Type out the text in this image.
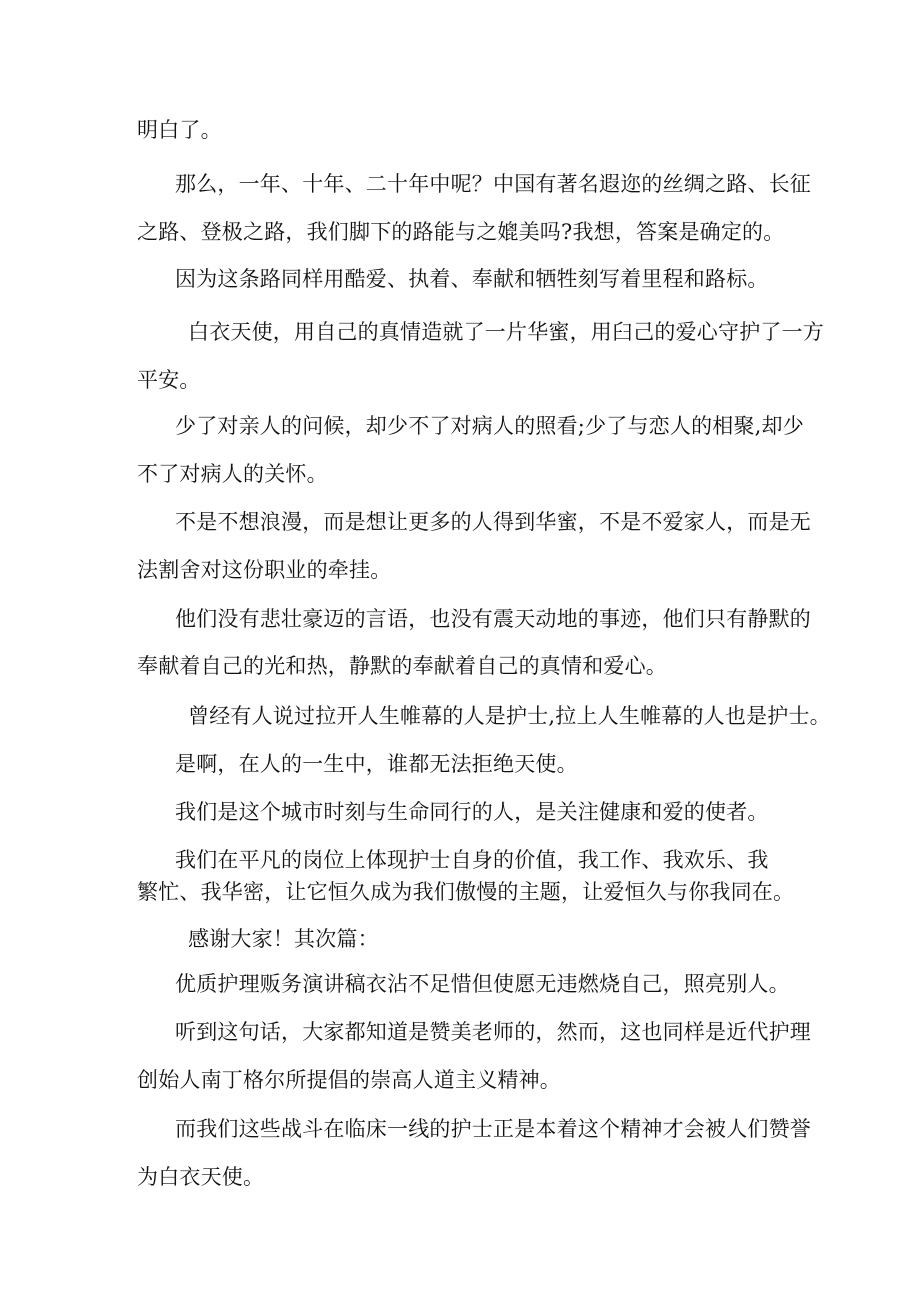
明白了。
那么，一年、十年、二十年中呢？中国有著名遐迩的丝绸之路、长征
之路、登极之路，我们脚下的路能与之媲美吗?我想，答案是确定的。
因为这条路同样用酷爱、执着、奉献和牺牲刻写着里程和路标。
白衣天使，用自己的真情造就了一片华蜜，用臼己的爱心守护了一方
平安。
少了对亲人的问候，却少不了对病人的照看;少了与恋人的相聚,却少
不了对病人的关怀。
不是不想浪漫，而是想让更多的人得到华蜜，不是不爱家人，而是无
法割舍对这份职业的牵挂。
他们没有悲壮豪迈的言语，也没有震天动地的事迹，他们只有静默的
奉献着自己的光和热，静默的奉献着自己的真情和爱心。
曾经有人说过拉开人生帷幕的人是护士,拉上人生帷幕的人也是护士。
是啊，在人的一生中，谁都无法拒绝天使。
我们是这个城市时刻与生命同行的人，是关注健康和爱的使者。
我们在平凡的岗位上体现护士自身的价值，我工作、我欢乐、我
繁忙、我华密，让它恒久成为我们傲慢的主题，让爱恒久与你我同在。
感谢大家！其次篇：
优质护理贩务演讲稿衣沾不足惜但使愿无违燃烧自己，照亮别人。
听到这句话，大家都知道是赞美老师的，然而，这也同样是近代护理
创始人南丁格尔所提倡的崇高人道主义精神。
而我们这些战斗在临床一线的护士正是本着这个精神才会被人们赞誉
为白衣天使。
